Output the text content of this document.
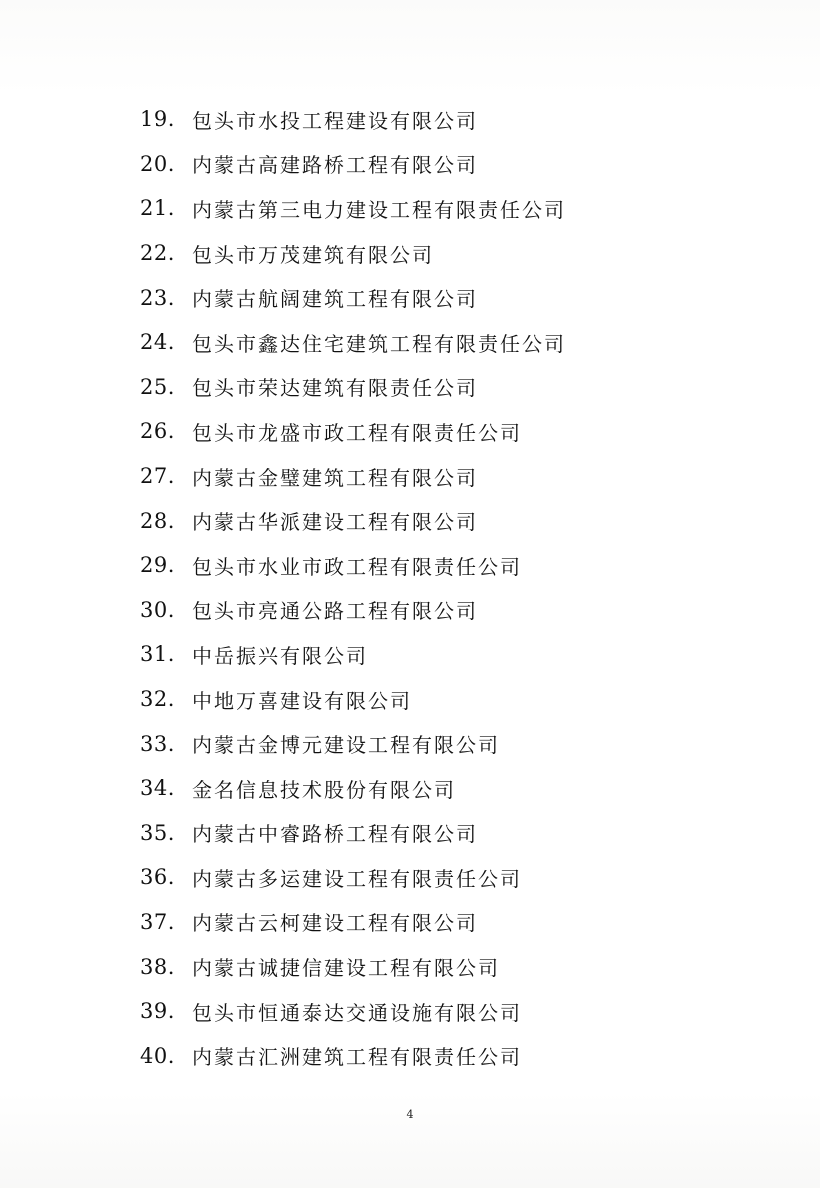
19. 包头市水投工程建设有限公司
20. 内蒙古高建路桥工程有限公司
21. 内蒙古第三电力建设工程有限责任公司
22. 包头市万茂建筑有限公司
23. 内蒙古航阔建筑工程有限公司
24. 包头市鑫达住宅建筑工程有限责任公司
25. 包头市荣达建筑有限责任公司
26. 包头市龙盛市政工程有限责任公司
27. 内蒙古金璧建筑工程有限公司
28. 内蒙古华派建设工程有限公司
29. 包头市水业市政工程有限责任公司
30. 包头市亮通公路工程有限公司
31. 中岳振兴有限公司
32. 中地万喜建设有限公司
33. 内蒙古金博元建设工程有限公司
34. 金名信息技术股份有限公司
35. 内蒙古中睿路桥工程有限公司
36. 内蒙古多运建设工程有限责任公司
37. 内蒙古云柯建设工程有限公司
38. 内蒙古诚捷信建设工程有限公司
39. 包头市恒通泰达交通设施有限公司
40. 内蒙古汇洲建筑工程有限责任公司
4
